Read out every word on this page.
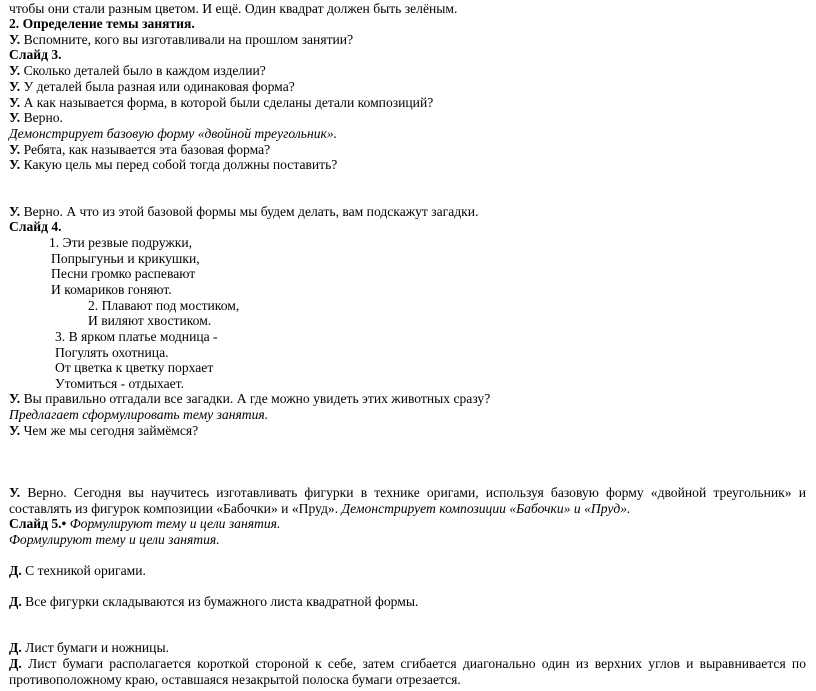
чтобы они стали разным цветом. И ещё. Один квадрат должен быть зелёным.
2. Определение темы занятия.
У. Вспомните, кого вы изготавливали на прошлом занятии?
Слайд 3.
У. Сколько деталей было в каждом изделии?
У. У деталей была разная или одинаковая форма?
У. А как называется форма, в которой были сделаны детали композиций?
У. Верно.
Демонстрирует базовую форму «двойной треугольник».
У. Ребята, как называется эта базовая форма?
У. Какую цель мы перед собой тогда должны поставить?
У. Верно. А что из этой базовой формы мы будем делать, вам подскажут загадки.
Слайд 4.
1. Эти резвые подружки,
Попрыгуньи и крикушки,
Песни громко распевают
И комариков гоняют.
2. Плавают под мостиком,
И виляют хвостиком.
3. В ярком платье модница -
Погулять охотница.
От цветка к цветку порхает
Утомиться - отдыхает.
У. Вы правильно отгадали все загадки. А где можно увидеть этих животных сразу?
Предлагает сформулировать тему занятия.
У. Чем же мы сегодня займёмся?
У. Верно. Сегодня вы научитесь изготавливать фигурки в технике оригами, используя базовую форму «двойной треугольник» и
составлять из фигурок композиции «Бабочки» и «Пруд». Демонстрирует композиции «Бабочки» и «Пруд».
Слайд 5.• Формулируют тему и цели занятия.
Формулируют тему и цели занятия.
Д. С техникой оригами.
Д. Все фигурки складываются из бумажного листа квадратной формы.
Д. Лист бумаги и ножницы.
Д. Лист бумаги располагается короткой стороной к себе, затем сгибается диагонально один из верхних углов и выравнивается по
противоположному краю, оставшаяся незакрытой полоска бумаги отрезается.
